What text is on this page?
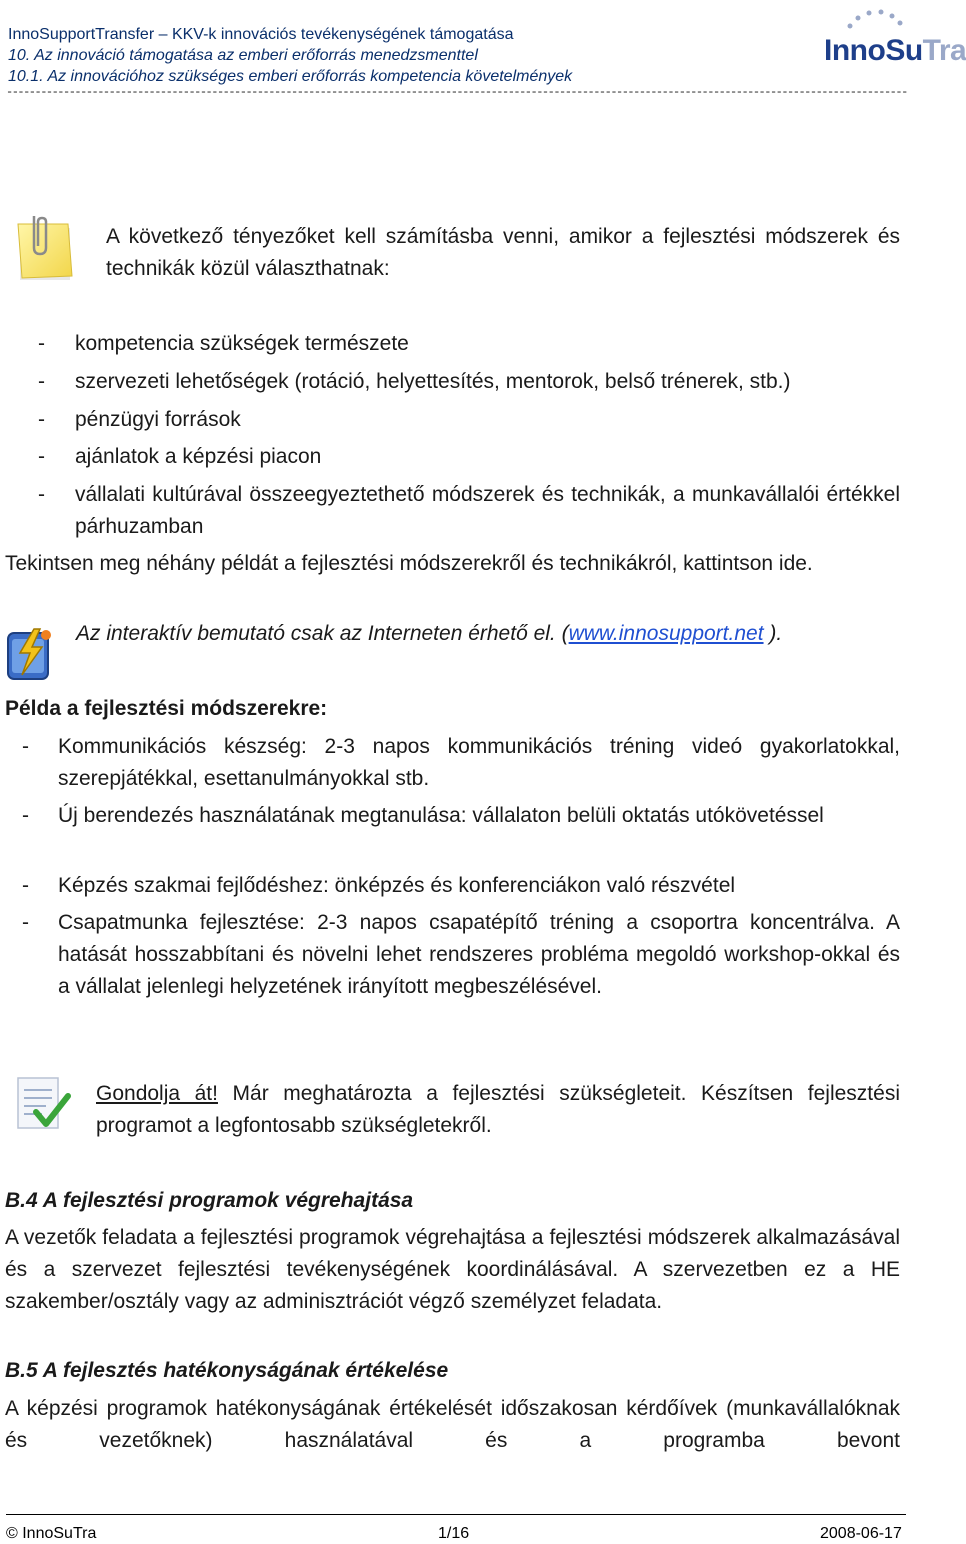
InnoSupportTransfer – KKV-k innovációs tevékenységének támogatása
10. Az innováció támogatása az emberi erőforrás menedzsmenttel
10.1. Az innovációhoz szükséges emberi erőforrás kompetencia követelmények
--------------------------------------------------------------------------------------------------------------------------------------------------------------
InnoSuTra
A következő tényezőket kell számításba venni, amikor a fejlesztési módszerek és technikák közül választhatnak:
- kompetencia szükségek természete
- szervezeti lehetőségek (rotáció, helyettesítés, mentorok, belső trénerek, stb.)
- pénzügyi források
- ajánlatok a képzési piacon
- vállalati kultúrával összeegyeztethető módszerek és technikák, a munkavállalói értékkel párhuzamban
Tekintsen meg néhány példát a fejlesztési módszerekről és technikákról, kattintson ide.
Az interaktív bemutató csak az Interneten érhető el. (www.innosupport.net ).
Példa a fejlesztési módszerekre:
- Kommunikációs készség: 2-3 napos kommunikációs tréning videó gyakorlatokkal, szerepjátékkal, esettanulmányokkal stb.
- Új berendezés használatának megtanulása: vállalaton belüli oktatás utókövetéssel
- Képzés szakmai fejlődéshez: önképzés és konferenciákon való részvétel
- Csapatmunka fejlesztése: 2-3 napos csapatépítő tréning a csoportra koncentrálva. A hatását hosszabbítani és növelni lehet rendszeres probléma megoldó workshop-okkal és a vállalat jelenlegi helyzetének irányított megbeszélésével.
Gondolja át! Már meghatározta a fejlesztési szükségleteit. Készítsen fejlesztési programot a legfontosabb szükségletekről.
B.4 A fejlesztési programok végrehajtása
A vezetők feladata a fejlesztési programok végrehajtása a fejlesztési módszerek alkalmazásával és a szervezet fejlesztési tevékenységének koordinálásával. A szervezetben ez a HE szakember/osztály vagy az adminisztrációt végző személyzet feladata.
B.5 A fejlesztés hatékonyságának értékelése
A képzési programok hatékonyságának értékelését időszakosan kérdőívek (munkavállalóknak és vezetőknek) használatával és a programba bevont
© InnoSuTra	1/16	2008-06-17
